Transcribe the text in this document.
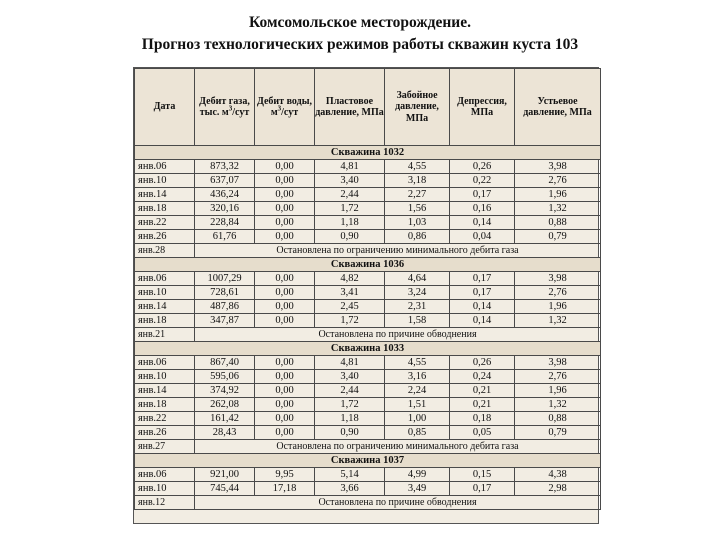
Комсомольское месторождение.
Прогноз технологических режимов работы скважин куста 103
Дата	Дебит газа, тыс. $м^3$/сут	Дебит воды, $м^3$/сут	Пластовое давление, МПа	Забойное давление, МПа	Депрессия, МПа	Устьевое давление, МПа
Скважина 1032						
янв.06	873,32	0,00	4,81	4,55	0,26	3,98
янв.10	637,07	0,00	3,40	3,18	0,22	2,76
янв.14	436,24	0,00	2,44	2,27	0,17	1,96
янв.18	320,16	0,00	1,72	1,56	0,16	1,32
янв.22	228,84	0,00	1,18	1,03	0,14	0,88
янв.26	61,76	0,00	0,90	0,86	0,04	0,79
янв.28	Остановлена по ограничению минимального дебита газа					
Скважина 1036						
янв.06	1007,29	0,00	4,82	4,64	0,17	3,98
янв.10	728,61	0,00	3,41	3,24	0,17	2,76
янв.14	487,86	0,00	2,45	2,31	0,14	1,96
янв.18	347,87	0,00	1,72	1,58	0,14	1,32
янв.21	Остановлена по причине обводнения					
Скважина 1033						
янв.06	867,40	0,00	4,81	4,55	0,26	3,98
янв.10	595,06	0,00	3,40	3,16	0,24	2,76
янв.14	374,92	0,00	2,44	2,24	0,21	1,96
янв.18	262,08	0,00	1,72	1,51	0,21	1,32
янв.22	161,42	0,00	1,18	1,00	0,18	0,88
янв.26	28,43	0,00	0,90	0,85	0,05	0,79
янв.27	Остановлена по ограничению минимального дебита газа					
Скважина 1037						
янв.06	921,00	9,95	5,14	4,99	0,15	4,38
янв.10	745,44	17,18	3,66	3,49	0,17	2,98
янв.12	Остановлена по причине обводнения					
